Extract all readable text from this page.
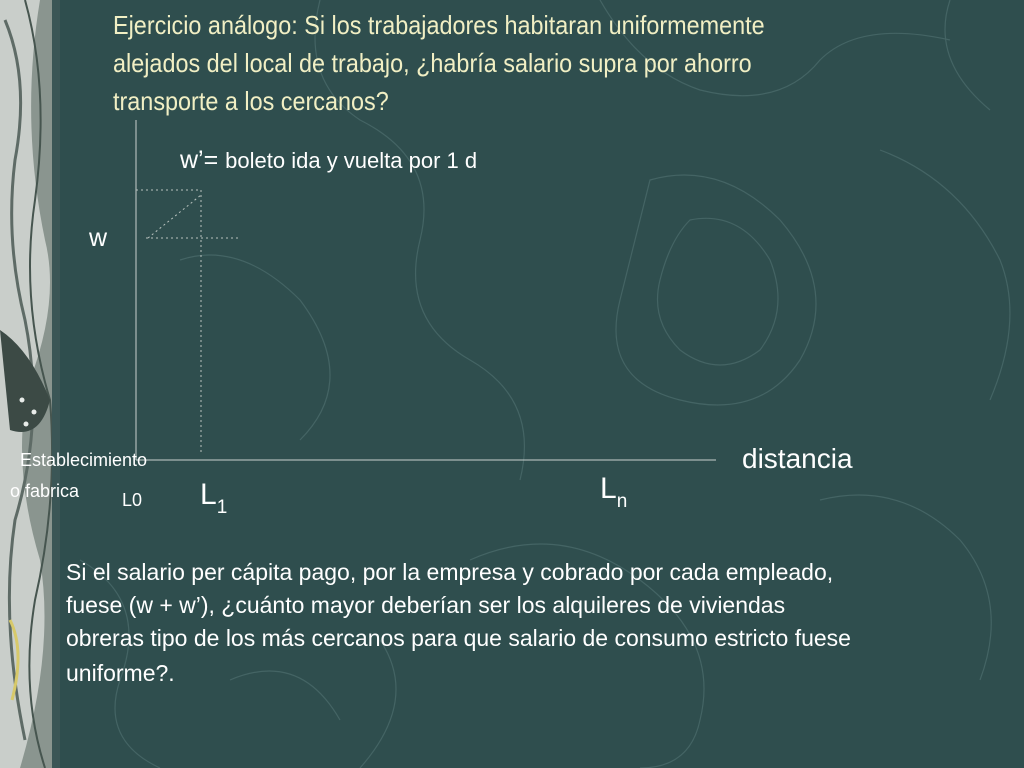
Ejercicio análogo: Si los trabajadores habitaran uniformemente
alejados del local de trabajo, ¿habría salario supra por ahorro
transporte a los cercanos?
w’= boleto ida y vuelta por 1 d
w
distancia
Establecimiento
o fabrica L0 $L_1$
$L_n$

Si el salario per cápita pago, por la empresa y cobrado por cada empleado,

fuese (w + w’), ¿cuánto mayor deberían ser los alquileres de viviendas

obreras tipo de los más cercanos para que salario de consumo estricto fuese

uniforme?.
